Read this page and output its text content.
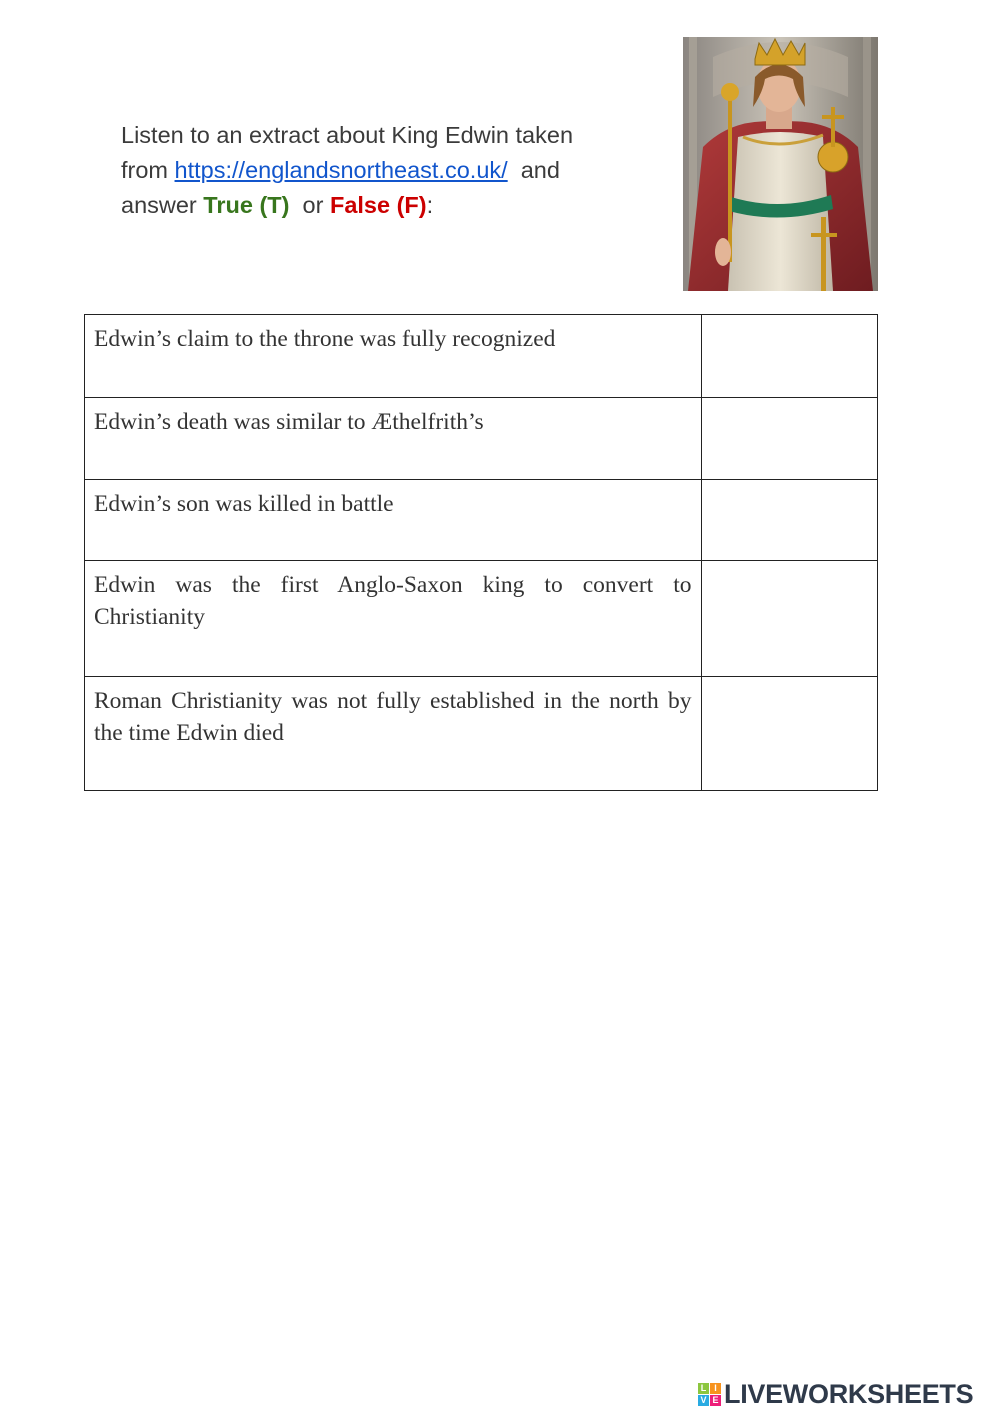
Listen to an extract about King Edwin taken
from https://englandsnortheast.co.uk/ and
answer True (T) or False (F):
Edwin’s claim to the throne was fully recognized	
Edwin’s death was similar to Æthelfrith’s	
Edwin’s son was killed in battle	
Edwin was the first Anglo-Saxon king to convert to Christianity	
Roman Christianity was not fully established in the north by the time Edwin died	
L I
V E LIVEWORKSHEETS
